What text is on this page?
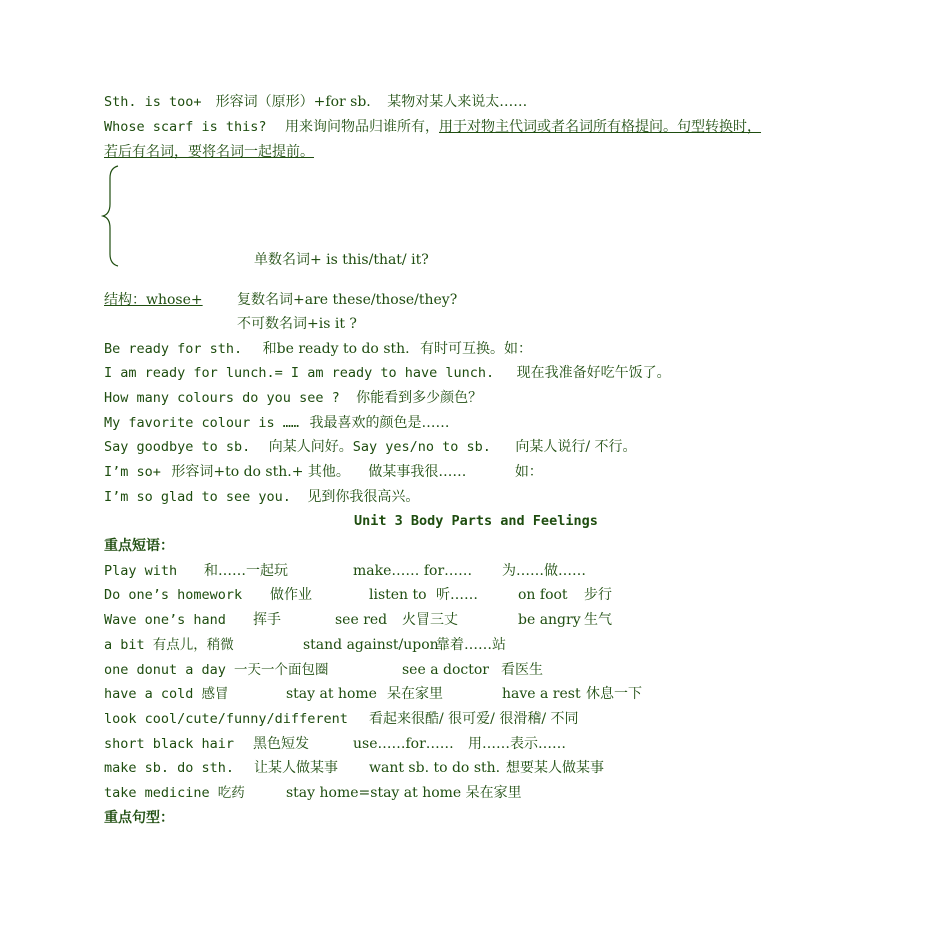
Sth. is too+ 形容词（原形）+for sb. 某物对某人来说太……
Whose scarf is this? 用来询问物品归谁所有，用于对物主代词或者名词所有格提问。句型转换时，
若后有名词，要将名词一起提前。
单数名词+ is this/that/ it?
结构：whose+ 复数名词+are these/those/they?
不可数名词+is it ?
Be ready for sth. 和be ready to do sth. 有时可互换。如：
I am ready for lunch.= I am ready to have lunch. 现在我准备好吃午饭了。
How many colours do you see ? 你能看到多少颜色？
My favorite colour is …… 我最喜欢的颜色是……
Say goodbye to sb. 向某人问好。Say yes/no to sb. 向某人说行/ 不行。
I’m so+ 形容词+to do sth.+ 其他。 做某事我很……	如：
I’m so glad to see you. 见到你我很高兴。
Unit 3 Body Parts and Feelings
重点短语：
Play with 和……一起玩	make…… for…… 为……做……
Do one’s homework 做作业	listen to 听……	on foot 步行
Wave one’s hand 挥手	see red 火冒三丈	be angry 生气
a bit 有点儿，稍微	stand against/upon靠着……站
one donut a day 一天一个面包圈	see a doctor 看医生
have a cold 感冒	stay at home 呆在家里	have a rest 休息一下
look cool/cute/funny/different 看起来很酷/ 很可爱/ 很滑稽/ 不同
short black hair 黑色短发	use……for…… 用……表示……
make sb. do sth. 让某人做某事 want sb. to do sth. 想要某人做某事
take medicine 吃药	stay home=stay at home 呆在家里
重点句型：
